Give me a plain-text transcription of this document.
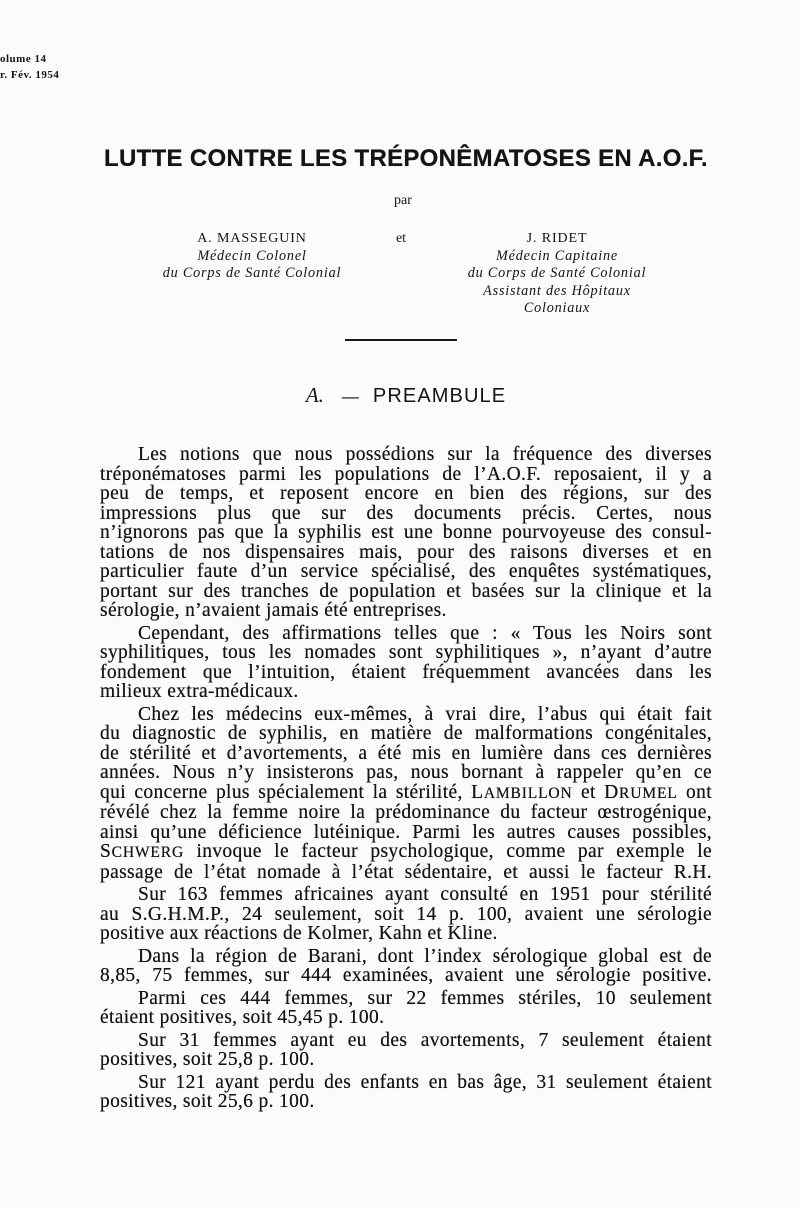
olume 14
r. Fév. 1954
LUTTE CONTRE LES TRÉPONÊMATOSES EN A.O.F.
par
A. MASSEGUIN
Médecin Colonel
du Corps de Santé Colonial
et	J. RIDET
Médecin Capitaine
du Corps de Santé Colonial
Assistant des Hôpitaux
Coloniaux
A. — PREAMBULE
Les notions que nous possédions sur la fréquence des diverses
tréponématoses parmi les populations de l’A.O.F. reposaient, il y a
peu de temps, et reposent encore en bien des régions, sur des
impressions plus que sur des documents précis. Certes, nous
n’ignorons pas que la syphilis est une bonne pourvoyeuse des consul-
tations de nos dispensaires mais, pour des raisons diverses et en
particulier faute d’un service spécialisé, des enquêtes systématiques,
portant sur des tranches de population et basées sur la clinique et la
sérologie, n’avaient jamais été entreprises.
Cependant, des affirmations telles que : « Tous les Noirs sont
syphilitiques, tous les nomades sont syphilitiques », n’ayant d’autre
fondement que l’intuition, étaient fréquemment avancées dans les
milieux extra-médicaux.
Chez les médecins eux-mêmes, à vrai dire, l’abus qui était fait
du diagnostic de syphilis, en matière de malformations congénitales,
de stérilité et d’avortements, a été mis en lumière dans ces dernières
années. Nous n’y insisterons pas, nous bornant à rappeler qu’en ce
qui concerne plus spécialement la stérilité, LAMBILLON et DRUMEL ont
révélé chez la femme noire la prédominance du facteur œstrogénique,
ainsi qu’une déficience lutéinique. Parmi les autres causes possibles,
SCHWERG invoque le facteur psychologique, comme par exemple le
passage de l’état nomade à l’état sédentaire, et aussi le facteur R.H.
Sur 163 femmes africaines ayant consulté en 1951 pour stérilité
au S.G.H.M.P., 24 seulement, soit 14 p. 100, avaient une sérologie
positive aux réactions de Kolmer, Kahn et Kline.
Dans la région de Barani, dont l’index sérologique global est de
8,85, 75 femmes, sur 444 examinées, avaient une sérologie positive.
Parmi ces 444 femmes, sur 22 femmes stériles, 10 seulement
étaient positives, soit 45,45 p. 100.
Sur 31 femmes ayant eu des avortements, 7 seulement étaient
positives, soit 25,8 p. 100.
Sur 121 ayant perdu des enfants en bas âge, 31 seulement étaient
positives, soit 25,6 p. 100.
